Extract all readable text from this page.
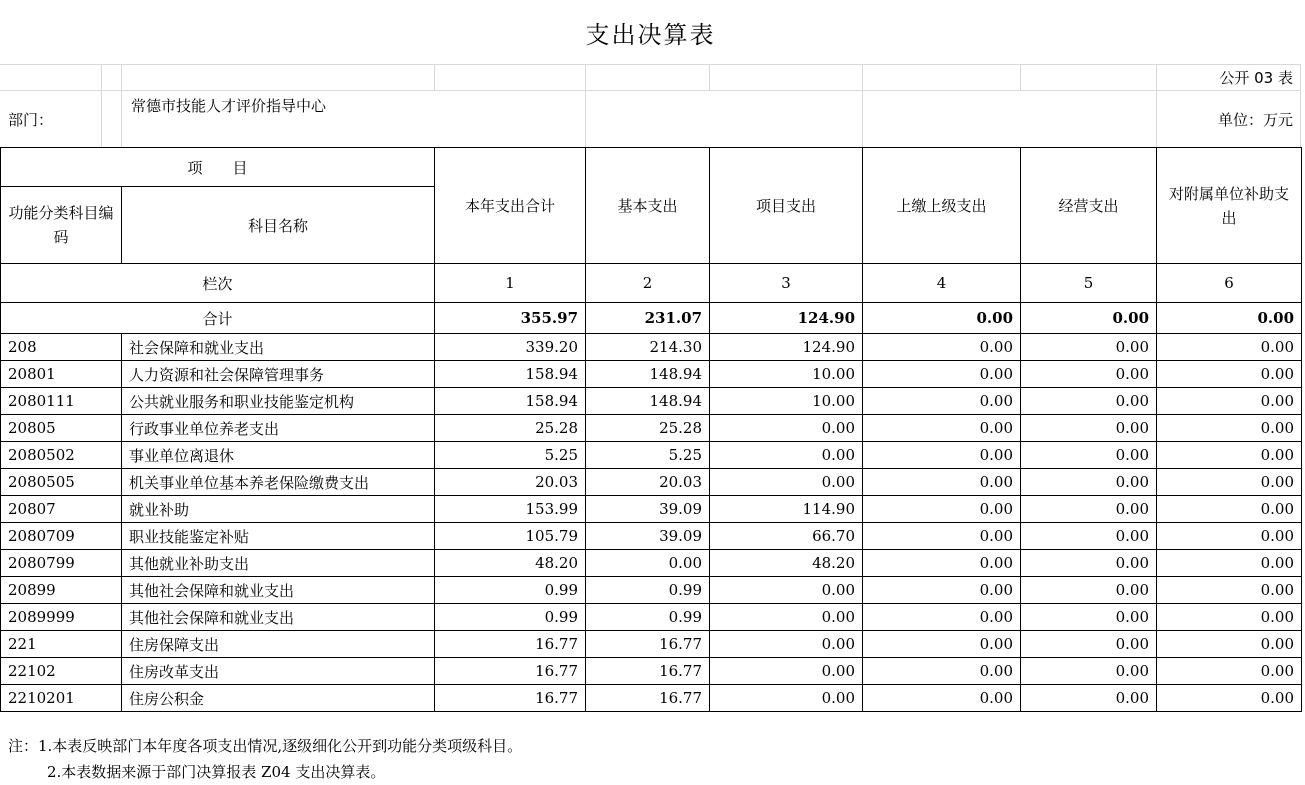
支出决算表
公开 03 表
部门：
常德市技能人才评价指导中心
单位：万元
项　　目		本年支出合计	基本支出	项目支出	上缴上级支出	经营支出	对附属单位补助支出
功能分类科目编码	科目名称						
栏次		1	2	3	4	5	6
合计		355.97	231.07	124.90	0.00	0.00	0.00
208	社会保障和就业支出	339.20	214.30	124.90	0.00	0.00	0.00
20801	人力资源和社会保障管理事务	158.94	148.94	10.00	0.00	0.00	0.00
2080111	公共就业服务和职业技能鉴定机构	158.94	148.94	10.00	0.00	0.00	0.00
20805	行政事业单位养老支出	25.28	25.28	0.00	0.00	0.00	0.00
2080502	事业单位离退休	5.25	5.25	0.00	0.00	0.00	0.00
2080505	机关事业单位基本养老保险缴费支出	20.03	20.03	0.00	0.00	0.00	0.00
20807	就业补助	153.99	39.09	114.90	0.00	0.00	0.00
2080709	职业技能鉴定补贴	105.79	39.09	66.70	0.00	0.00	0.00
2080799	其他就业补助支出	48.20	0.00	48.20	0.00	0.00	0.00
20899	其他社会保障和就业支出	0.99	0.99	0.00	0.00	0.00	0.00
2089999	其他社会保障和就业支出	0.99	0.99	0.00	0.00	0.00	0.00
221	住房保障支出	16.77	16.77	0.00	0.00	0.00	0.00
22102	住房改革支出	16.77	16.77	0.00	0.00	0.00	0.00
2210201	住房公积金	16.77	16.77	0.00	0.00	0.00	0.00
注：1.本表反映部门本年度各项支出情况,逐级细化公开到功能分类项级科目。
2.本表数据来源于部门决算报表 Z04 支出决算表。
